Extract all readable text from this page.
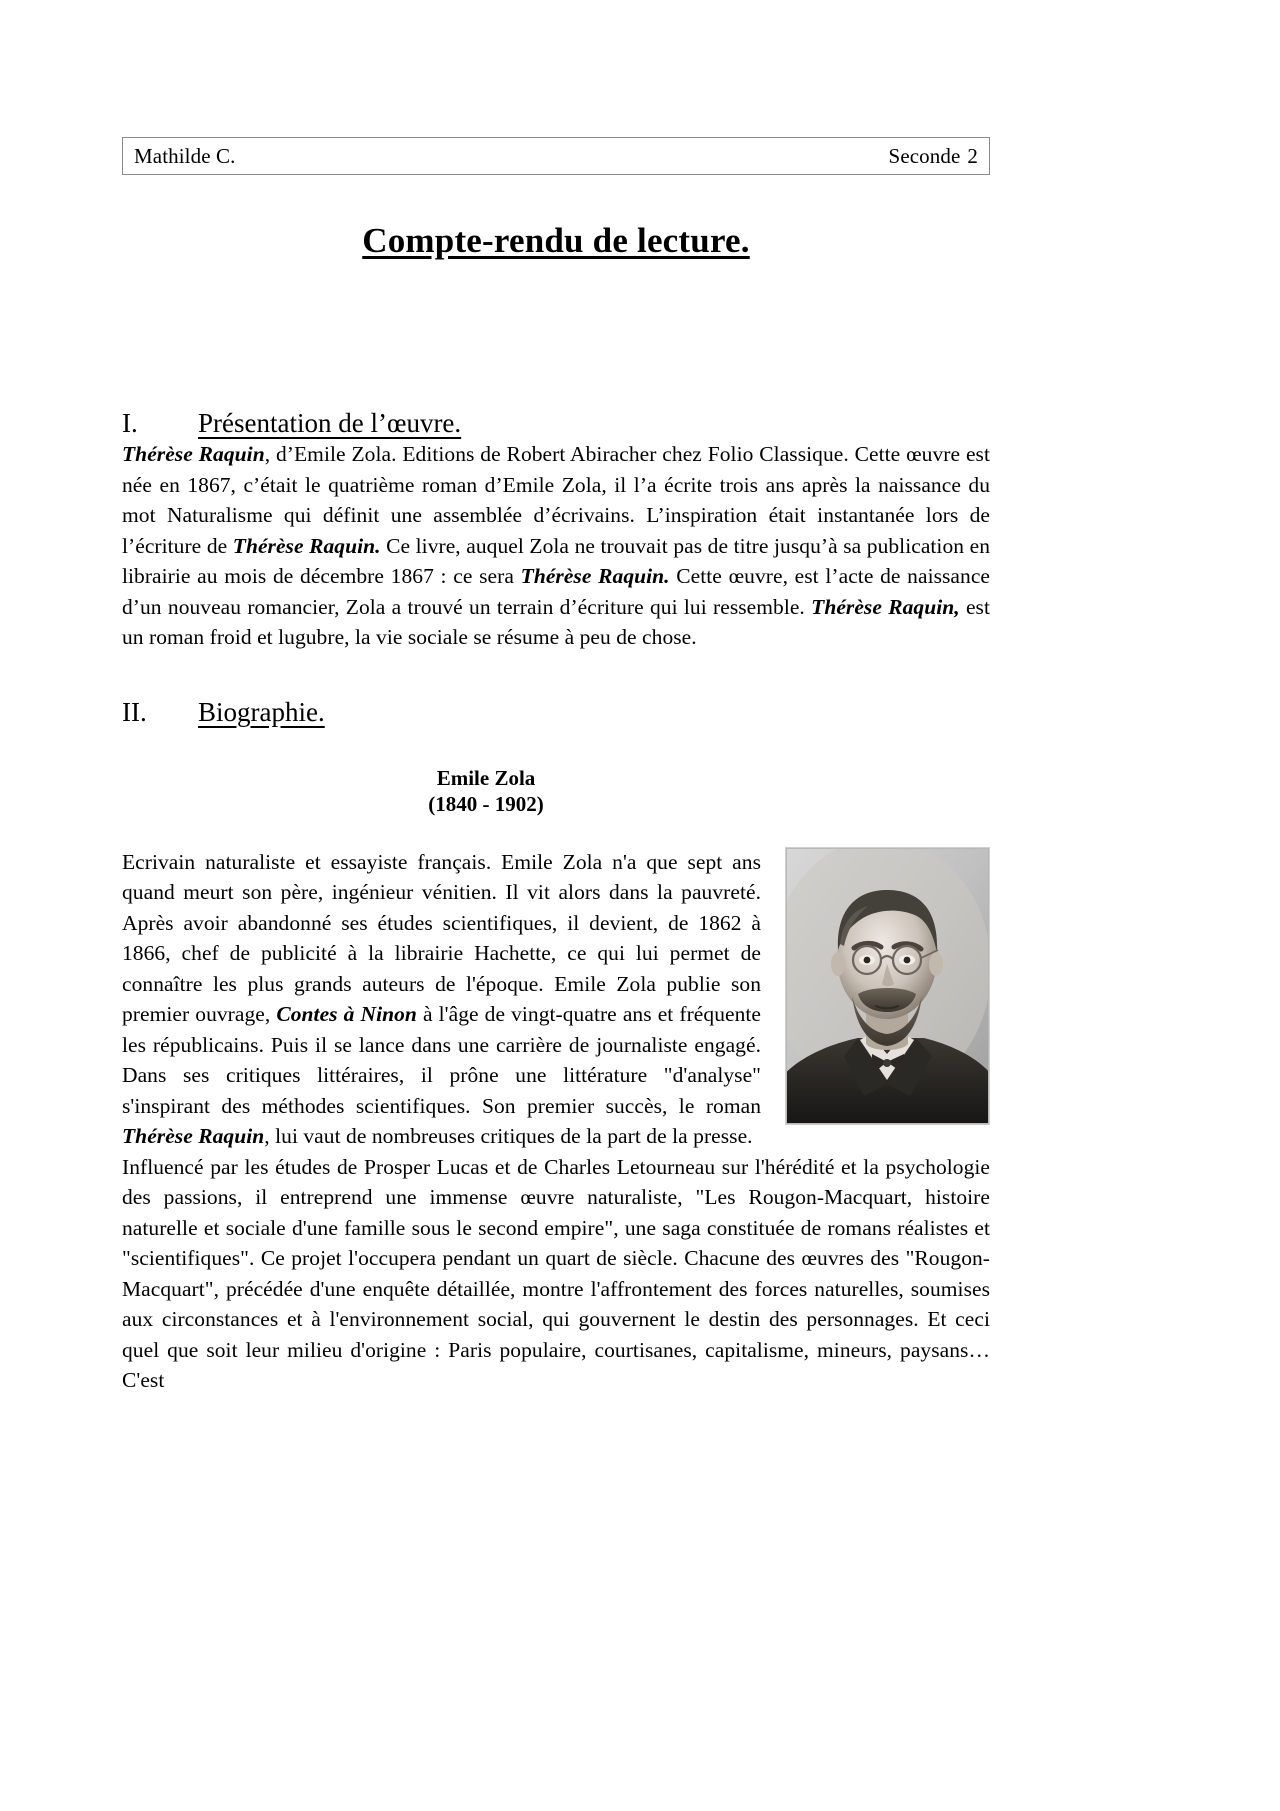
Mathilde C.	Seconde 2
Compte-rendu de lecture.
I.	Présentation de l’œuvre.

Thérèse Raquin, d’Emile Zola. Editions de Robert Abiracher chez Folio Classique. Cette œuvre est née en 1867, c’était le quatrième roman d’Emile Zola, il l’a écrite trois ans après la naissance du mot Naturalisme qui définit une assemblée d’écrivains. L’inspiration était instantanée lors de l’écriture de Thérèse Raquin. Ce livre, auquel Zola ne trouvait pas de titre jusqu’à sa publication en librairie au mois de décembre 1867 : ce sera Thérèse Raquin. Cette œuvre, est l’acte de naissance d’un nouveau romancier, Zola a trouvé un terrain d’écriture qui lui ressemble. Thérèse Raquin, est un roman froid et lugubre, la vie sociale se résume à peu de chose.

II.	Biographie.
Emile Zola
(1840 - 1902)

Ecrivain naturaliste et essayiste français. Emile Zola n'a que sept ans quand meurt son père, ingénieur vénitien. Il vit alors dans la pauvreté. Après avoir abandonné ses études scientifiques, il devient, de 1862 à 1866, chef de publicité à la librairie Hachette, ce qui lui permet de connaître les plus grands auteurs de l'époque. Emile Zola publie son premier ouvrage, Contes à Ninon à l'âge de vingt-quatre ans et fréquente les républicains. Puis il se lance dans une carrière de journaliste engagé. Dans ses critiques littéraires, il prône une littérature "d'analyse" s'inspirant des méthodes scientifiques. Son premier succès, le roman Thérèse Raquin, lui vaut de nombreuses critiques de la part de la presse.

Influencé par les études de Prosper Lucas et de Charles Letourneau sur l'hérédité et la psychologie des passions, il entreprend une immense œuvre naturaliste, "Les Rougon-Macquart, histoire naturelle et sociale d'une famille sous le second empire", une saga constituée de romans réalistes et "scientifiques". Ce projet l'occupera pendant un quart de siècle. Chacune des œuvres des "Rougon-Macquart", précédée d'une enquête détaillée, montre l'affrontement des forces naturelles, soumises aux circonstances et à l'environnement social, qui gouvernent le destin des personnages. Et ceci quel que soit leur milieu d'origine : Paris populaire, courtisanes, capitalisme, mineurs, paysans… C'est
